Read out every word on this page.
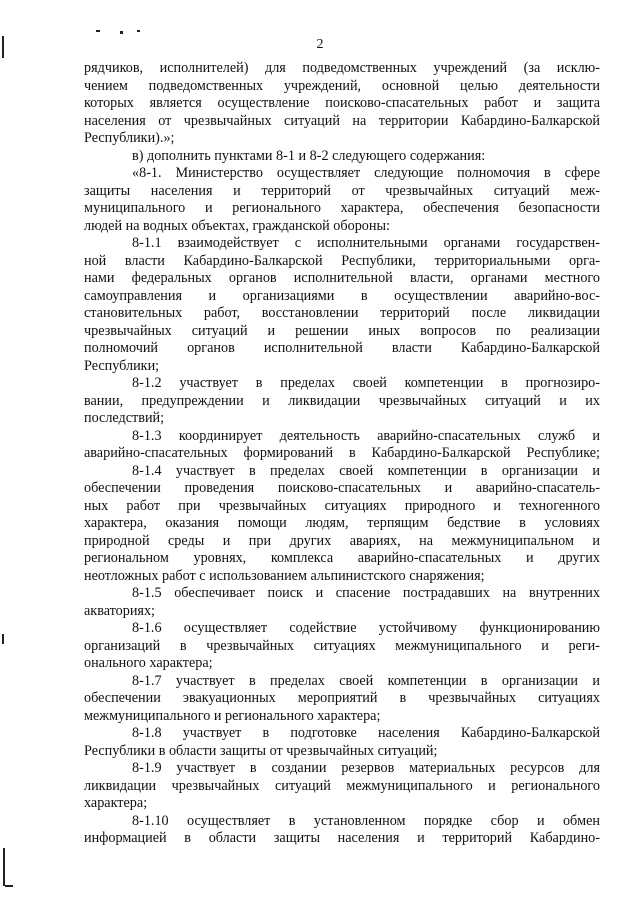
2
рядчиков, исполнителей) для подведомственных учреждений (за исклю-
чением подведомственных учреждений, основной целью деятельности
которых является осуществление поисково-спасательных работ и защита
населения от чрезвычайных ситуаций на территории Кабардино-Балкарской
Республики).»;
в) дополнить пунктами 8-1 и 8-2 следующего содержания:
«8-1. Министерство осуществляет следующие полномочия в сфере
защиты населения и территорий от чрезвычайных ситуаций меж-
муниципального и регионального характера, обеспечения безопасности
людей на водных объектах, гражданской обороны:
8-1.1 взаимодействует с исполнительными органами государствен-
ной власти Кабардино-Балкарской Республики, территориальными орга-
нами федеральных органов исполнительной власти, органами местного
самоуправления и организациями в осуществлении аварийно-вос-
становительных работ, восстановлении территорий после ликвидации
чрезвычайных ситуаций и решении иных вопросов по реализации
полномочий органов исполнительной власти Кабардино-Балкарской
Республики;
8-1.2 участвует в пределах своей компетенции в прогнозиро-
вании, предупреждении и ликвидации чрезвычайных ситуаций и их
последствий;
8-1.3 координирует деятельность аварийно-спасательных служб и
аварийно-спасательных формирований в Кабардино-Балкарской Республике;
8-1.4 участвует в пределах своей компетенции в организации и
обеспечении проведения поисково-спасательных и аварийно-спасатель-
ных работ при чрезвычайных ситуациях природного и техногенного
характера, оказания помощи людям, терпящим бедствие в условиях
природной среды и при других авариях, на межмуниципальном и
региональном уровнях, комплекса аварийно-спасательных и других
неотложных работ с использованием альпинистского снаряжения;
8-1.5 обеспечивает поиск и спасение пострадавших на внутренних
акваториях;
8-1.6 осуществляет содействие устойчивому функционированию
организаций в чрезвычайных ситуациях межмуниципального и реги-
онального характера;
8-1.7 участвует в пределах своей компетенции в организации и
обеспечении эвакуационных мероприятий в чрезвычайных ситуациях
межмуниципального и регионального характера;
8-1.8 участвует в подготовке населения Кабардино-Балкарской
Республики в области защиты от чрезвычайных ситуаций;
8-1.9 участвует в создании резервов материальных ресурсов для
ликвидации чрезвычайных ситуаций межмуниципального и регионального
характера;
8-1.10 осуществляет в установленном порядке сбор и обмен
информацией в области защиты населения и территорий Кабардино-
